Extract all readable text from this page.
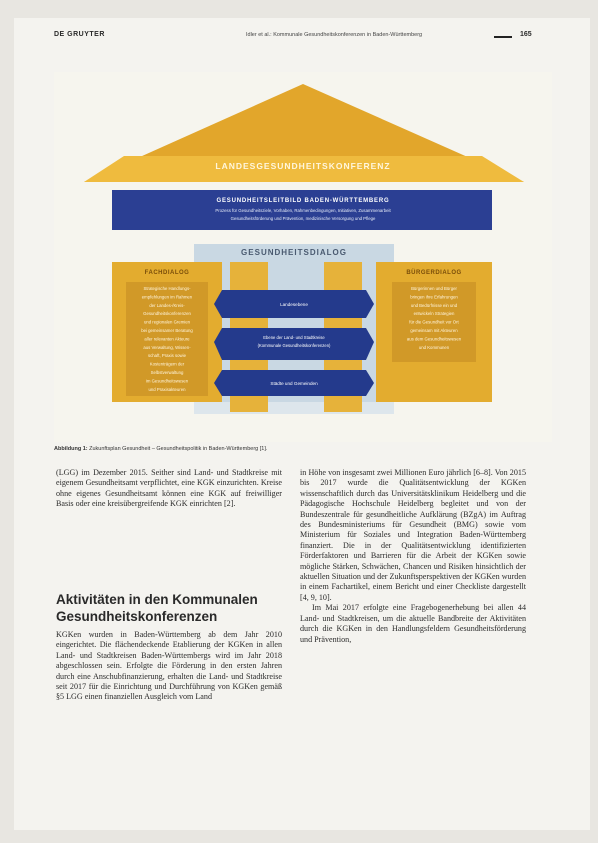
DE GRUYTER	Idler et al.: Kommunale Gesundheitskonferenzen in Baden-Württemberg	165
LANDESGESUNDHEITSKONFERENZ
GESUNDHEITSLEITBILD BADEN-WÜRTTEMBERG
Prozess für Gesundheitsziele, Vorhaben, Rahmenbedingungen, Initiativen, Zusammenarbeit
Gesundheitsförderung und Prävention, medizinische Versorgung und Pflege
GESUNDHEITSDIALOG
FACHDIALOG
Strategische Handlungs-
empfehlungen im Rahmen
der Landes-/Kreis-
Gesundheitskonferenzen
und regionalen Gremien
bei gemeinsamer Beratung
aller relevanten Akteure
aus Verwaltung, Wissen-
schaft, Praxis sowie
Kostenträgern der
Selbstverwaltung
im Gesundheitswesen
und Praxisakteuren
BÜRGERDIALOG
Bürgerinnen und Bürger
bringen ihre Erfahrungen
und Bedürfnisse ein und
entwickeln Strategien
für die Gesundheit vor Ort
gemeinsam mit Akteuren
aus dem Gesundheitswesen
und Kommunen
Landesebene
Ebene der Land- und Stadtkreise
(Kommunale Gesundheitskonferenzen)
Städte und Gemeinden
Abbildung 1: Zukunftsplan Gesundheit – Gesundheitspolitik in Baden-Württemberg [1].

(LGG) im Dezember 2015. Seither sind Land- und Stadtkreise mit eigenem Gesundheitsamt verpflichtet, eine KGK einzurichten. Kreise ohne eigenes Gesundheitsamt können eine KGK auf freiwilliger Basis oder eine kreisübergreifende KGK einrichten [2].

Aktivitäten in den Kommunalen Gesundheitskonferenzen

KGKen wurden in Baden-Württemberg ab dem Jahr 2010 eingerichtet. Die flächendeckende Etablierung der KGKen in allen Land- und Stadtkreisen Baden-Württembergs wird im Jahr 2018 abgeschlossen sein. Erfolgte die Förderung in den ersten Jahren durch eine Anschubfinanzierung, erhalten die Land- und Stadtkreise seit 2017 für die Einrichtung und Durchführung von KGKen gemäß §5 LGG einen finanziellen Ausgleich vom Land

in Höhe von insgesamt zwei Millionen Euro jährlich [6–8]. Von 2015 bis 2017 wurde die Qualitätsentwicklung der KGKen wissenschaftlich durch das Universitätsklinikum Heidelberg und die Pädagogische Hochschule Heidelberg begleitet und von der Bundeszentrale für gesundheitliche Aufklärung (BZgA) im Auftrag des Bundesministeriums für Gesundheit (BMG) sowie vom Ministerium für Soziales und Integration Baden-Württemberg finanziert. Die in der Qualitätsentwicklung identifizierten Förderfaktoren und Barrieren für die Arbeit der KGKen sowie mögliche Stärken, Schwächen, Chancen und Risiken hinsichtlich der aktuellen Situation und der Zukunftsperspektiven der KGKen wurden in einem Fachartikel, einem Bericht und einer Checkliste dargestellt [4, 9, 10].

Im Mai 2017 erfolgte eine Fragebogenerhebung bei allen 44 Land- und Stadtkreisen, um die aktuelle Bandbreite der Aktivitäten durch die KGKen in den Handlungsfeldern Gesundheitsförderung und Prävention,
